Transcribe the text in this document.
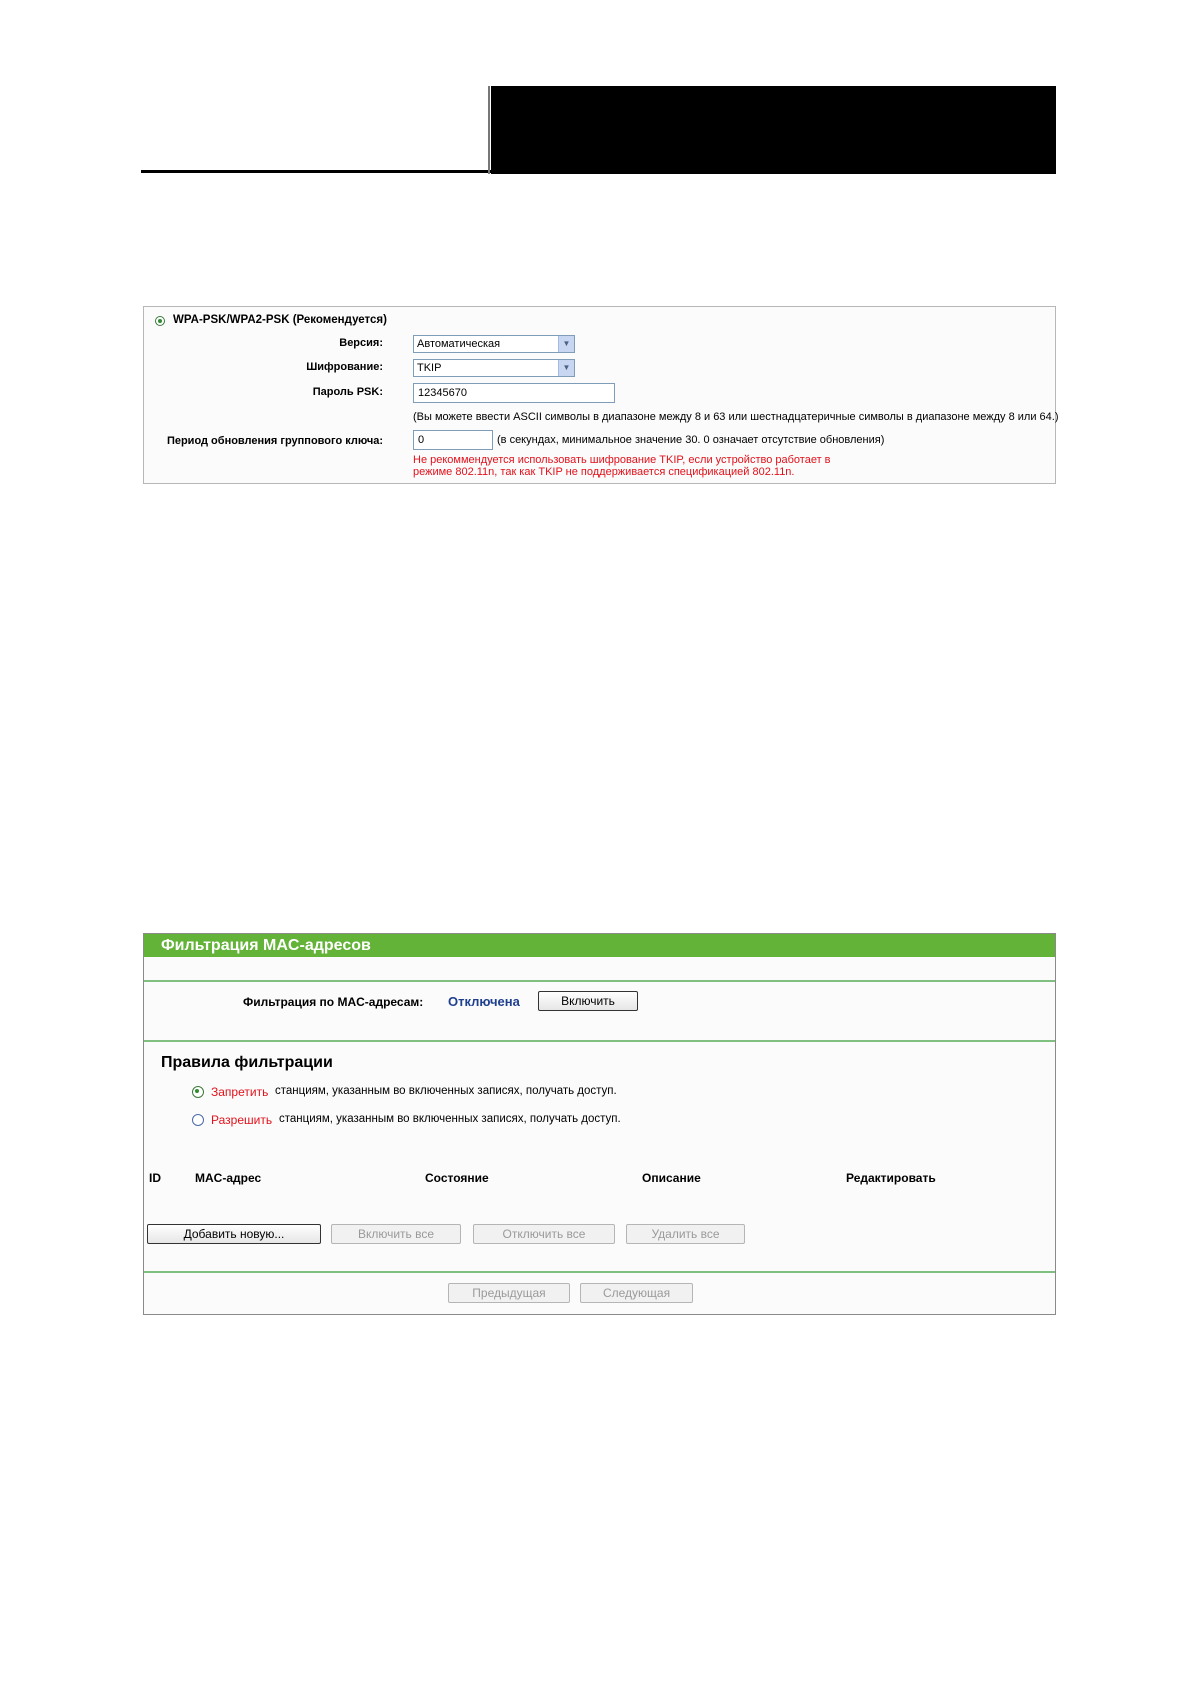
WPA-PSK/WPA2-PSK (Рекомендуется)
Версия:	Автоматическая	▼
Шифрование:	TKIP	▼
Пароль PSK:	12345670
(Вы можете ввести ASCII символы в диапазоне между 8 и 63 или шестнадцатеричные символы в диапазоне между 8 или 64.)
Период обновления группового ключа:	0	(в секундах, минимальное значение 30. 0 означает отсутствие обновления)
Не рекоммендуется использовать шифрование TKIP, если устройство работает в
режиме 802.11n, так как TKIP не поддерживается спецификацией 802.11n.
Фильтрация MAC-адресов
Фильтрация по MAC-адресам: Отключена	Включить
Правила фильтрации
Запретить станциям, указанным во включенных записях, получать доступ.
Разрешить станциям, указанным во включенных записях, получать доступ.
ID	MAC-адрес	Состояние	Описание	Редактировать
Добавить новую...	Включить все	Отключить все	Удалить все
Предыдущая	Следующая
